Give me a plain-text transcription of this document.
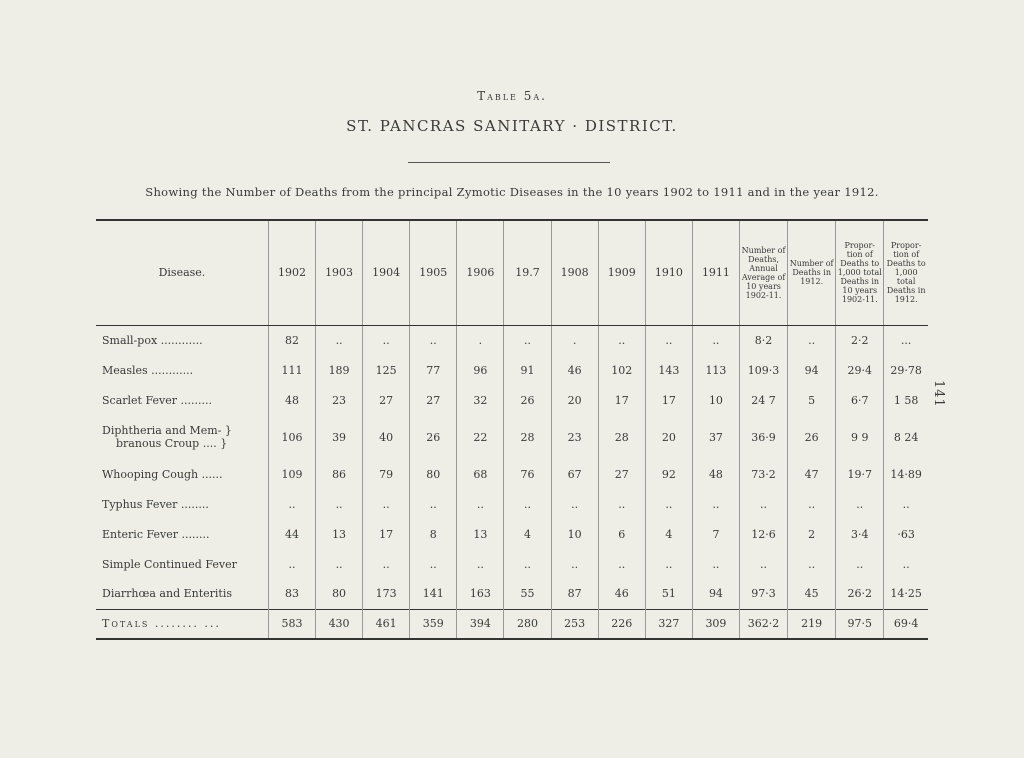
Table 5a.
ST. PANCRAS SANITARY · DISTRICT.
Showing the Number of Deaths from the principal Zymotic Diseases in the 10 years 1902 to 1911 and in the year 1912.
141
Disease.	1902	1903	1904	1905	1906	19.7	1908	1909	1910	1911	Number of Deaths, Annual Average of 10 years 1902-11.	Number of Deaths in 1912.	Propor- tion of Deaths to 1,000 total Deaths in 10 years 1902-11.	Propor- tion of Deaths to 1,000 total Deaths in 1912.
Small-pox ............	82	..	..	..	.	..	.	..	..	..	8·2	..	2·2	...
Measles ............	111	189	125	77	96	91	46	102	143	113	109·3	94	29·4	29·78
Scarlet Fever .........	48	23	27	27	32	26	20	17	17	10	24 7	5	6·7	1 58
Diphtheria and Mem- }
branous Croup .... }	106	39	40	26	22	28	23	28	20	37	36·9	26	9 9	8 24
Whooping Cough ......	109	86	79	80	68	76	67	27	92	48	73·2	47	19·7	14·89
Typhus Fever ........	..	..	..	..	..	..	..	..	..	..	..	..	..	..
Enteric Fever ........	44	13	17	8	13	4	10	6	4	7	12·6	2	3·4	·63
Simple Continued Fever	..	..	..	..	..	..	..	..	..	..	..	..	..	..
Diarrhœa and Enteritis	83	80	173	141	163	55	87	46	51	94	97·3	45	26·2	14·25
Totals ........ ...	583	430	461	359	394	280	253	226	327	309	362·2	219	97·5	69·4
